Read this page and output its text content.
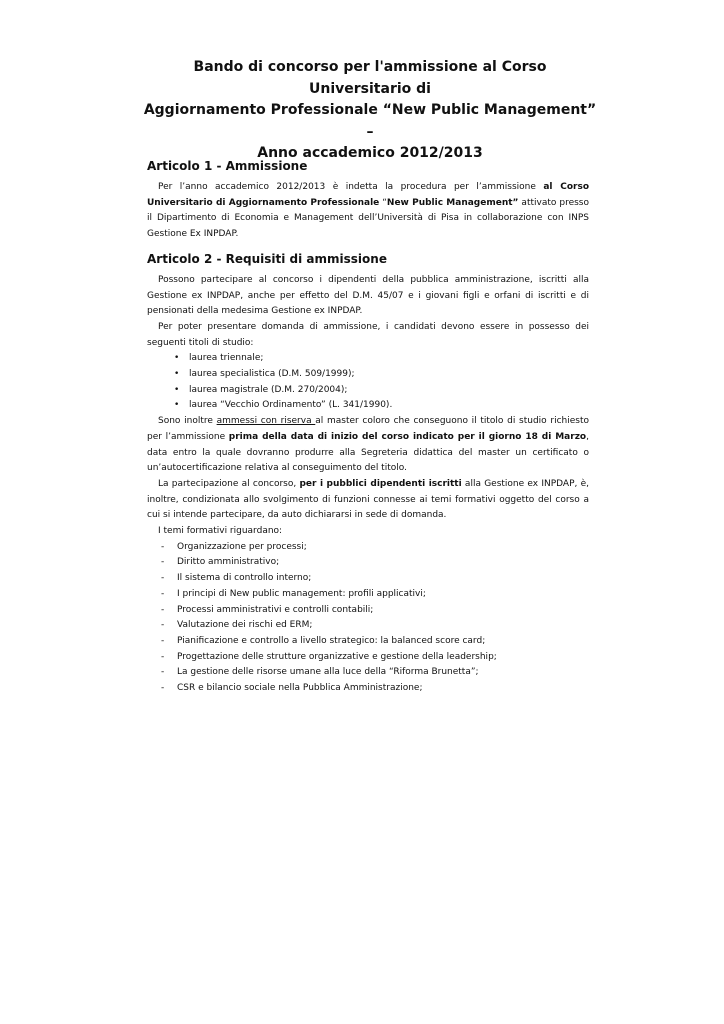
Bando di concorso per l'ammissione al Corso Universitario di
Aggiornamento Professionale “New Public Management” –
Anno accademico 2012/2013
Articolo 1 - Ammissione

Per l’anno accademico 2012/2013 è indetta la procedura per l’ammissione al Corso Universitario di Aggiornamento Professionale “New Public Management” attivato presso il Dipartimento di Economia e Management dell’Università di Pisa in collaborazione con INPS Gestione Ex INPDAP.

Articolo 2 - Requisiti di ammissione

Possono partecipare al concorso i dipendenti della pubblica amministrazione, iscritti alla Gestione ex INPDAP, anche per effetto del D.M. 45/07 e i giovani figli e orfani di iscritti e di pensionati della medesima Gestione ex INPDAP.

Per poter presentare domanda di ammissione, i candidati devono essere in possesso dei seguenti titoli di studio:

• laurea triennale;
• laurea specialistica (D.M. 509/1999);
• laurea magistrale (D.M. 270/2004);
• laurea “Vecchio Ordinamento” (L. 341/1990).

Sono inoltre ammessi con riserva al master coloro che conseguono il titolo di studio richiesto per l’ammissione prima della data di inizio del corso indicato per il giorno 18 di Marzo, data entro la quale dovranno produrre alla Segreteria didattica del master un certificato o un’autocertificazione relativa al conseguimento del titolo.

La partecipazione al concorso, per i pubblici dipendenti iscritti alla Gestione ex INPDAP, è, inoltre, condizionata allo svolgimento di funzioni connesse ai temi formativi oggetto del corso a cui si intende partecipare, da auto dichiararsi in sede di domanda.

I temi formativi riguardano:

- Organizzazione per processi;
- Diritto amministrativo;
- Il sistema di controllo interno;
- I principi di New public management: profili applicativi;
- Processi amministrativi e controlli contabili;
- Valutazione dei rischi ed ERM;
- Pianificazione e controllo a livello strategico: la balanced score card;
- Progettazione delle strutture organizzative e gestione della leadership;
- La gestione delle risorse umane alla luce della “Riforma Brunetta”;
- CSR e bilancio sociale nella Pubblica Amministrazione;
